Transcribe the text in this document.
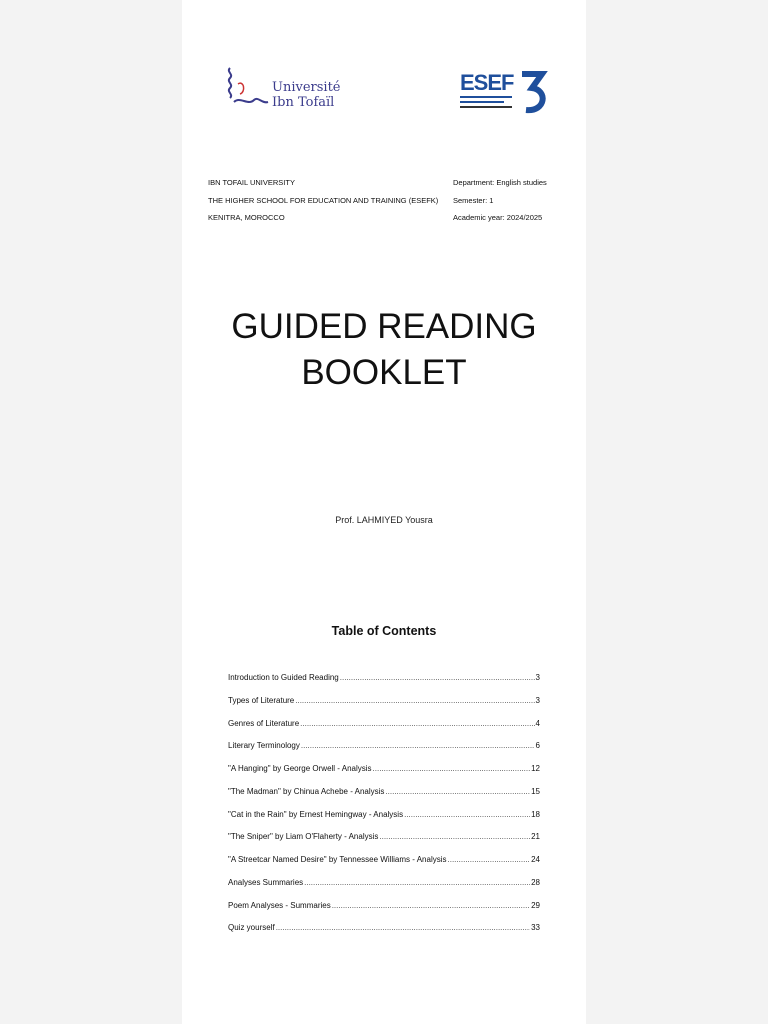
Université
Ibn Tofaïl
ESEF
IBN TOFAIL UNIVERSITY
THE HIGHER SCHOOL FOR EDUCATION AND TRAINING (ESEFK)
KENITRA, MOROCCO
Department: English studies
Semester: 1
Academic year: 2024/2025
GUIDED READING
BOOKLET
Prof. LAHMIYED Yousra
Table of Contents
Introduction to Guided Reading .....	3
Types of Literature .....	3
Genres of Literature .....	4
Literary Terminology .....	6
"A Hanging" by George Orwell - Analysis .....	12
"The Madman" by Chinua Achebe - Analysis .....	15
"Cat in the Rain" by Ernest Hemingway - Analysis .....	18
"The Sniper" by Liam O'Flaherty - Analysis .....	21
"A Streetcar Named Desire" by Tennessee Williams - Analysis .....	24
Analyses Summaries .....	28
Poem Analyses - Summaries .....	29
Quiz yourself .....	33
